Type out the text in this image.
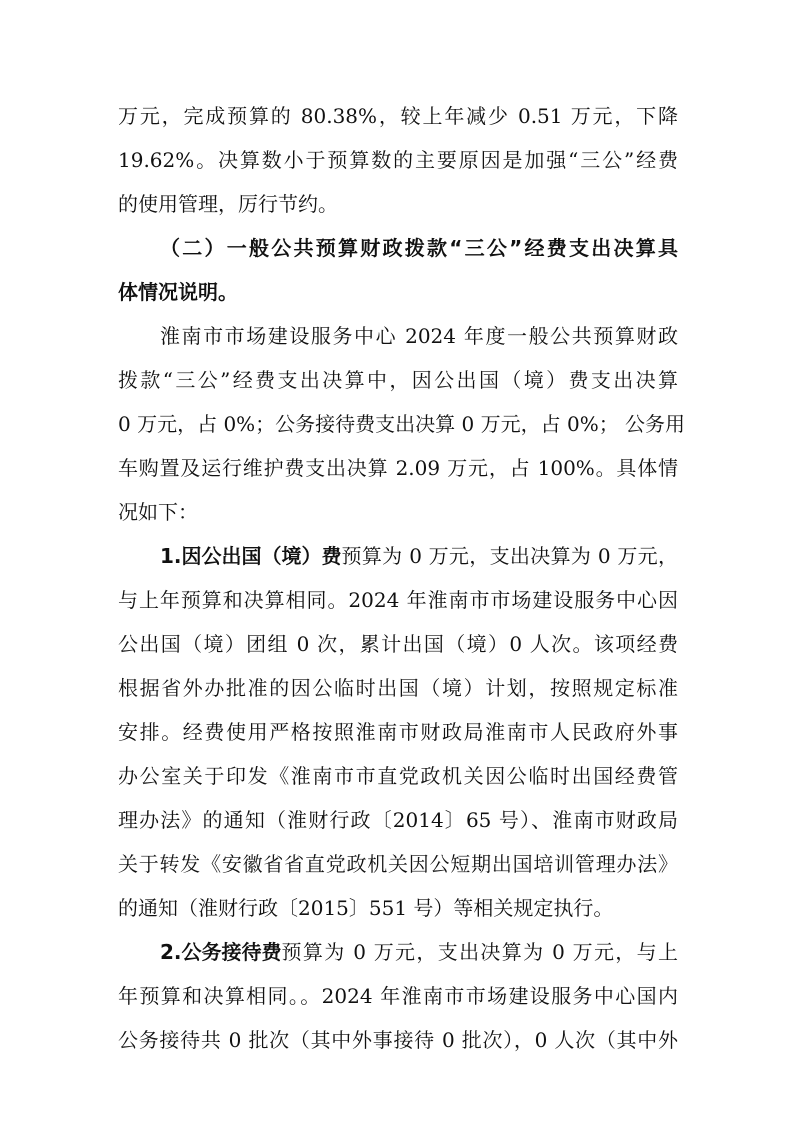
万元，完成预算的 80.38%，较上年减少 0.51 万元，下降
19.62%。决算数小于预算数的主要原因是加强“三公”经费
的使用管理，厉行节约。
（二）一般公共预算财政拨款“三公”经费支出决算具
体情况说明。
淮南市市场建设服务中心 2024 年度一般公共预算财政
拨款“三公”经费支出决算中，因公出国（境）费支出决算
0 万元，占 0%；公务接待费支出决算 0 万元，占 0%； 公务用
车购置及运行维护费支出决算 2.09 万元，占 100%。具体情
况如下：
1.因公出国（境）费 预算为 0 万元，支出决算为 0 万元，
与上年预算和决算相同。2024 年淮南市市场建设服务中心因
公出国（境）团组 0 次，累计出国（境）0 人次。该项经费
根据省外办批准的因公临时出国（境）计划，按照规定标准
安排。经费使用严格按照淮南市财政局淮南市人民政府外事
办公室关于印发《淮南市市直党政机关因公临时出国经费管
理办法》的通知（淮财行政〔2014〕65 号）、淮南市财政局
关于转发《安徽省省直党政机关因公短期出国培训管理办法》
的通知（淮财行政〔2015〕551 号）等相关规定执行。
2.公务接待费 预算为 0 万元，支出决算为 0 万元，与上
年预算和决算相同。。2024 年淮南市市场建设服务中心国内
公务接待共 0 批次（其中外事接待 0 批次），0 人次（其中外
